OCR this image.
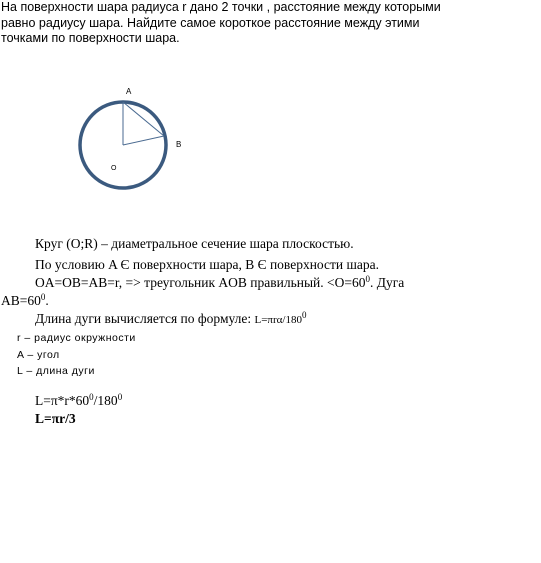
На поверхности шара радиуса r дано 2 точки , расстояние между которыми
равно радиусу шара. Найдите самое короткое расстояние между этими
точками по поверхности шара.
A
B
O
Круг (O;R) – диаметральное сечение шара плоскостью.
По условию A Є поверхности шара, B Є поверхности шара.
OA=OB=AB=r, => треугольник AOB правильный. $<O=60^0$. Дуга
$AB=60^0$.
Длина дуги вычисляется по формуле: $L=\pi r\alpha/180^0$
r – радиус окружности
A – угол
L – длина дуги
$L=\pi*r*60^0/180^0$
L=πr/3
